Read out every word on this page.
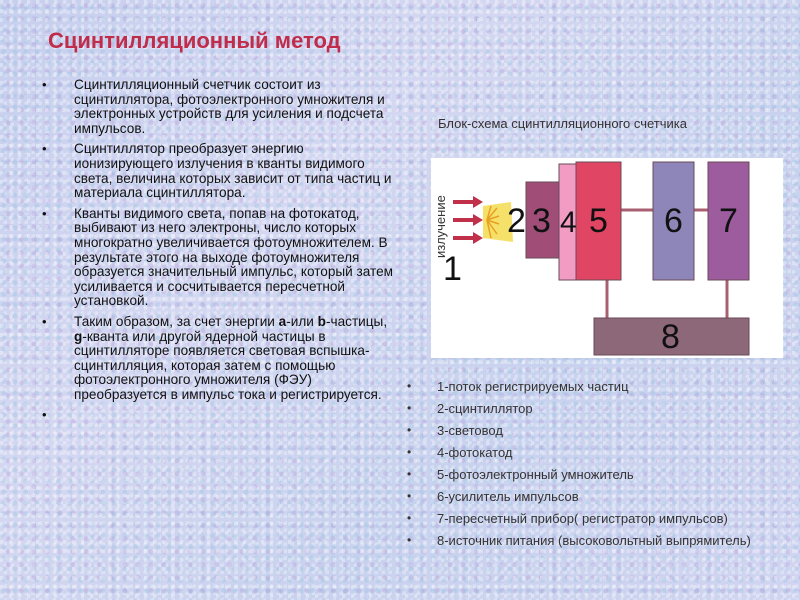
Сцинтилляционный метод
• Сцинтилляционный счетчик состоит из сцинтиллятора, фотоэлектронного умножителя и электронных устройств для усиления и подсчета импульсов.
• Сцинтиллятор преобразует энергию ионизирующего излучения в кванты видимого света, величина которых зависит от типа частиц и материала сцинтиллятора.
• Кванты видимого света, попав на фотокатод, выбивают из него электроны, число которых многократно увеличивается фотоумножителем. В результате этого на выходе фотоумножителя образуется значительный импульс, который затем усиливается и сосчитывается пересчетной установкой.
• Таким образом, за счет энергии a-или b-частицы, g-кванта или другой ядерной частицы в сцинтилляторе появляется световая вспышка-сцинтилляция, которая затем с помощью фотоэлектронного умножителя (ФЭУ) преобразуется в импульс тока и регистрируется.
Блок-схема сцинтилляционного счетчика
1
2 3 4 5 6 7
8
излучение
• 1-поток регистрируемых частиц
• 2-сцинтиллятор
• 3-световод
• 4-фотокатод
• 5-фотоэлектронный умножитель
• 6-усилитель импульсов
• 7-пересчетный прибор( регистратор импульсов)
• 8-источник питания (высоковольтный выпрямитель)
